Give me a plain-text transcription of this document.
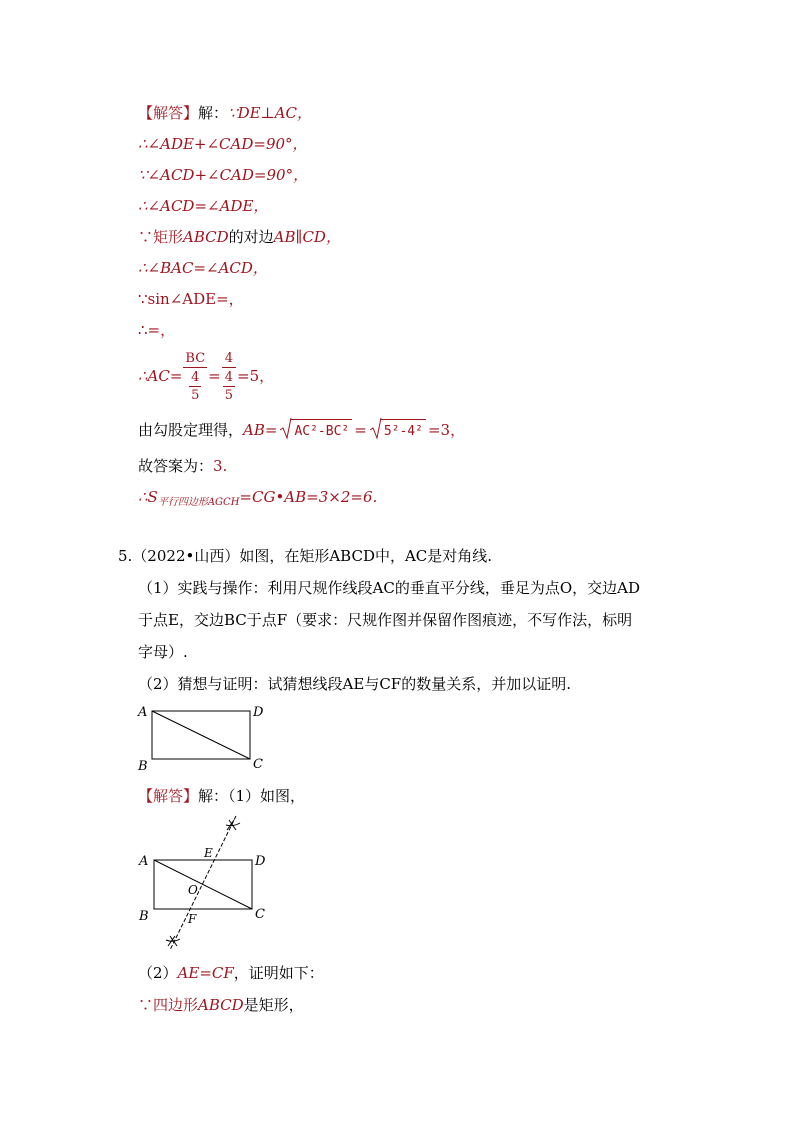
【解答】解：∵DE⊥AC，
∴∠ADE+∠CAD=90°，
∵∠ACD+∠CAD=90°，
∴∠ACD=∠ADE，
∵矩形ABCD的对边AB∥CD，
∴∠BAC=∠ACD，
∵sin∠ADE=，
∴=，
∴AC= $\frac{BC}{\frac{4}{5}} = \frac{4}{\frac{4}{5}} =5$，
由勾股定理得，AB= AC²-BC² = 5²-4² =3，
故答案为：3.
$\therefore S_{平行四边形AGCH}=CG•AB=3\times 2=6$.
5.（2022•山西）如图，在矩形ABCD中，AC是对角线.
（1）实践与操作：利用尺规作线段AC的垂直平分线，垂足为点O，交边AD
于点E，交边BC于点F（要求：尺规作图并保留作图痕迹，不写作法，标明
字母）.
（2）猜想与证明：试猜想线段AE与CF的数量关系，并加以证明.
A	D
B	C
【解答】解：（1）如图，
A	D
B	C
E
O
F
（2）AE=CF，证明如下：
∵四边形ABCD是矩形，
